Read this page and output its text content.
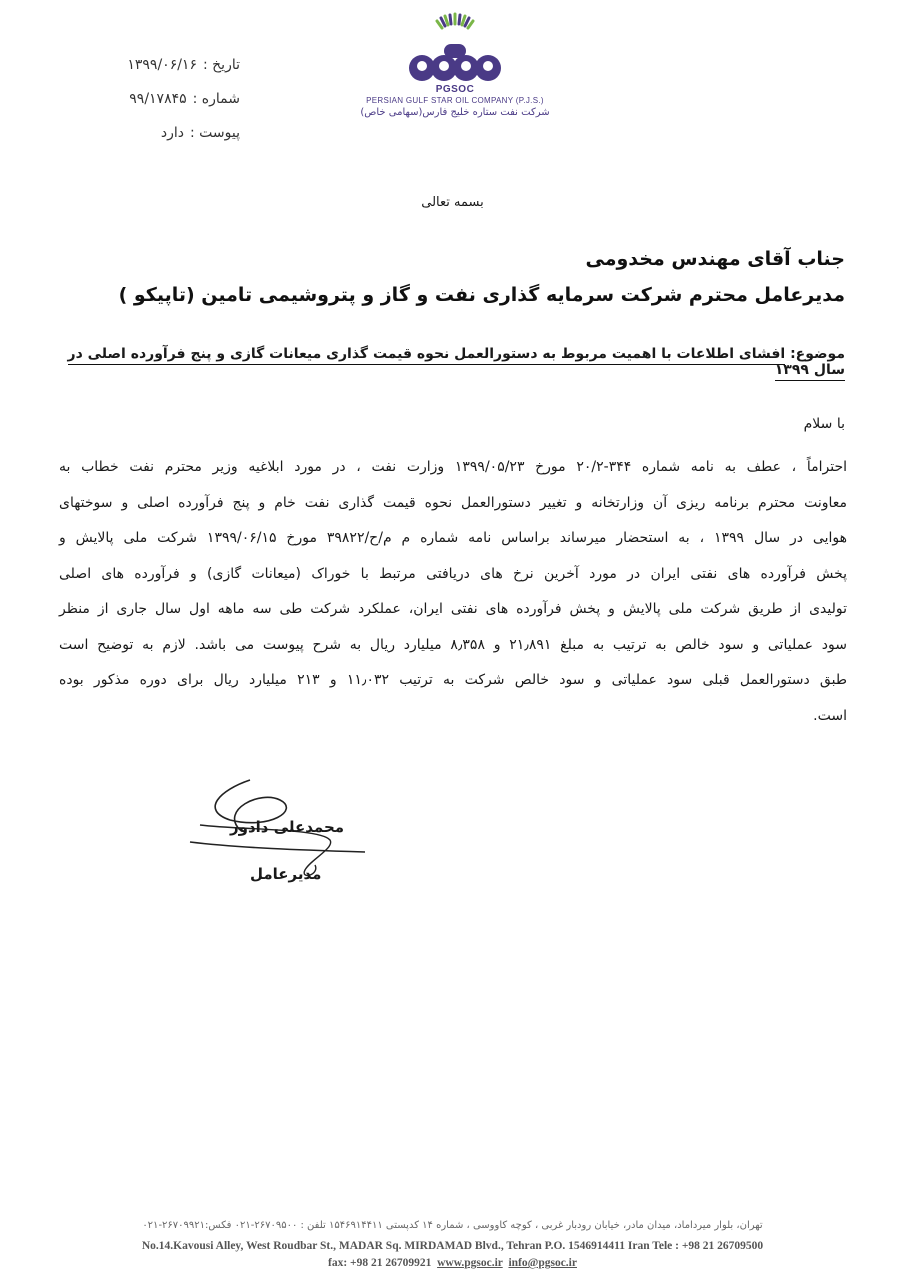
تاریخ :
۱۳۹۹/۰۶/۱۶
شماره :
۹۹/۱۷۸۴۵
پیوست :
دارد
PGSOC
PERSIAN GULF STAR OIL COMPANY (P.J.S.)
شرکت نفت ستاره خلیج فارس(سهامی خاص)
بسمه تعالی
جناب آقای مهندس مخدومی
مدیرعامل محترم شرکت سرمایه گذاری نفت و گاز و پتروشیمی تامین (تاپیکو )
موضوع: افشای اطلاعات با اهمیت مربوط به دستورالعمل نحوه قیمت گذاری میعانات گازی و پنج فرآورده اصلی در سال ۱۳۹۹
با سلام
احتراماً ، عطف به نامه شماره ۳۴۴-۲۰/۲ مورخ ۱۳۹۹/۰۵/۲۳ وزارت نفت ، در مورد ابلاغیه وزیر محترم نفت خطاب به
معاونت محترم برنامه ریزی آن وزارتخانه و تغییر دستورالعمل نحوه قیمت گذاری نفت خام و پنج فرآورده اصلی و سوختهای
هوایی در سال ۱۳۹۹ ، به استحضار میرساند براساس نامه شماره م م/ح/۳۹۸۲۲ مورخ ۱۳۹۹/۰۶/۱۵ شرکت ملی پالایش و
پخش فرآورده های نفتی ایران در مورد آخرین نرخ های دریافتی مرتبط با خوراک (میعانات گازی) و فرآورده های اصلی
تولیدی از طریق شرکت ملی پالایش و پخش فرآورده های نفتی ایران، عملکرد شرکت طی سه ماهه اول سال جاری از منظر
سود عملیاتی و سود خالص به ترتیب به مبلغ ۲۱٫۸۹۱ و ۸٫۳۵۸ میلیارد ریال به شرح پیوست می باشد. لازم به توضیح است
طبق دستورالعمل قبلی سود عملیاتی و سود خالص شرکت به ترتیب ۱۱٫۰۳۲ و ۲۱۳ میلیارد ریال برای دوره مذکور بوده
است.
محمدعلی دادور
مدیرعامل
تهران، بلوار میرداماد، میدان مادر، خیابان رودبار غربی ، کوچه کاووسی ، شماره ۱۴ کدپستی ۱۵۴۶۹۱۴۴۱۱ تلفن : ۲۶۷۰۹۵۰۰-۰۲۱ فکس:۲۶۷۰۹۹۲۱-۰۲۱
No.14.Kavousi Alley, West Roudbar St., MADAR Sq. MIRDAMAD Blvd., Tehran P.O. 1546914411 Iran Tele : +98 21 26709500
fax: +98 21 26709921 www.pgsoc.ir info@pgsoc.ir
